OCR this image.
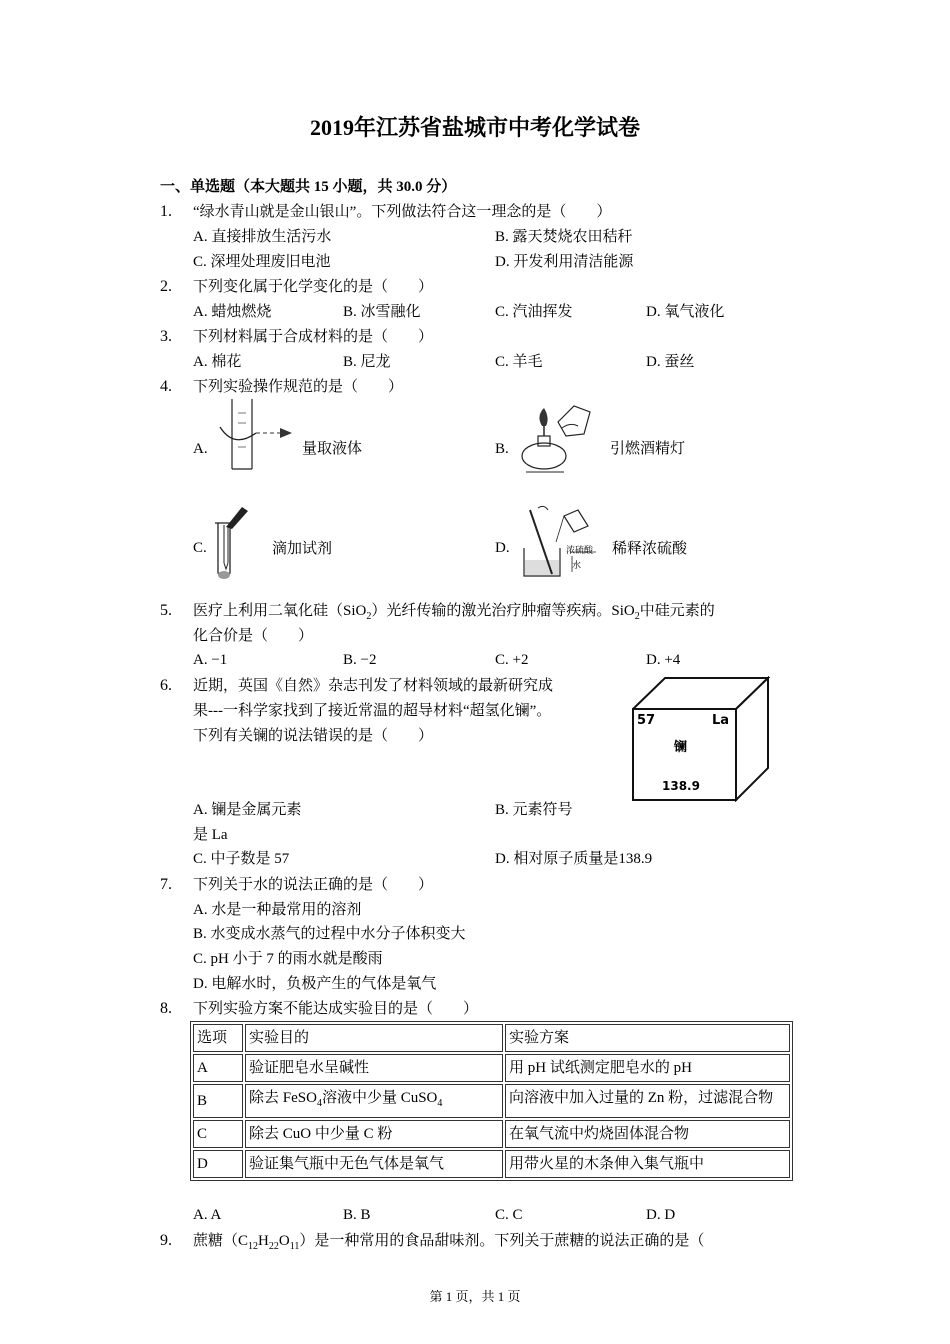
2019年江苏省盐城市中考化学试卷
一、单选题（本大题共 15 小题，共 30.0 分）
1. “绿水青山就是金山银山”。下列做法符合这一理念的是（　　）
A. 直接排放生活污水	B. 露天焚烧农田秸秆
C. 深埋处理废旧电池	D. 开发利用清洁能源
2. 下列变化属于化学变化的是（　　）
A. 蜡烛燃烧	B. 冰雪融化	C. 汽油挥发	D. 氧气液化
3. 下列材料属于合成材料的是（　　）
A. 棉花	B. 尼龙	C. 羊毛	D. 蚕丝
4. 下列实验操作规范的是（　　）
A.	量取液体	B.	引燃酒精灯
C.	滴加试剂	D.	浓硫酸
水
稀释浓硫酸
5. 医疗上利用二氧化硅（SiO$_2$）光纤传输的激光治疗肿瘤等疾病。SiO$_2$中硅元素的
化合价是（　　）
A. −1	B. −2	C. +2	D. +4
6. 近期，英国《自然》杂志刊发了材料领域的最新研究成
果---一科学家找到了接近常温的超导材料“超氢化镧”。
下列有关镧的说法错误的是（　　）
57	La
镧
138.9
A. 镧是金属元素	B. 元素符号
是 La
C. 中子数是 57	D. 相对原子质量是138.9
7. 下列关于水的说法正确的是（　　）
A. 水是一种最常用的溶剂
B. 水变成水蒸气的过程中水分子体积变大
C. pH 小于 7 的雨水就是酸雨
D. 电解水时，负极产生的气体是氧气
8. 下列实验方案不能达成实验目的是（　　）
选项	实验目的	实验方案
A	验证肥皂水呈碱性	用 pH 试纸测定肥皂水的 pH
B	除去 FeSO$_4$溶液中少量 CuSO$_4$	向溶液中加入过量的 Zn 粉，过滤混合物
C	除去 CuO 中少量 C 粉	在氧气流中灼烧固体混合物
D	验证集气瓶中无色气体是氧气	用带火星的木条伸入集气瓶中
A. A	B. B	C. C	D. D
9. 蔗糖$(C_{12}H_{22}O_{11})$是一种常用的食品甜味剂。下列关于蔗糖的说法正确的是（
第 1 页，共 1 页
